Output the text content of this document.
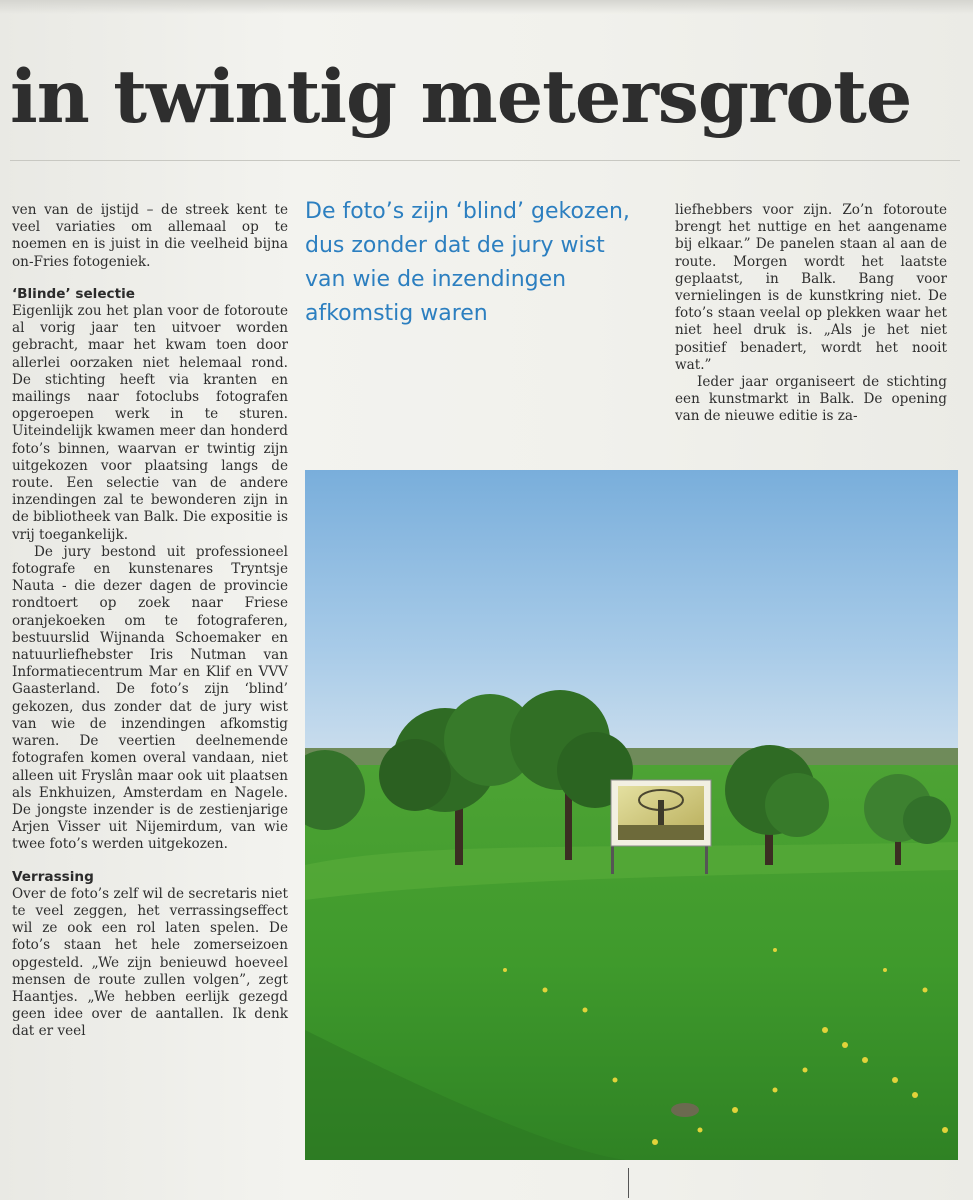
in twintig metersgrote

ven van de ijstijd – de streek kent te veel variaties om allemaal op te noemen en is juist in die veelheid bijna on-Fries fotogeniek.

‘Blinde’ selectie

Eigenlijk zou het plan voor de fotoroute al vorig jaar ten uitvoer worden gebracht, maar het kwam toen door allerlei oorzaken niet helemaal rond. De stichting heeft via kranten en mailings naar fotoclubs fotografen opgeroepen werk in te sturen. Uiteindelijk kwamen meer dan honderd foto’s binnen, waarvan er twintig zijn uitgekozen voor plaatsing langs de route. Een selectie van de andere inzendingen zal te bewonderen zijn in de bibliotheek van Balk. Die expositie is vrij toegankelijk.

De jury bestond uit professioneel fotografe en kunstenares Tryntsje Nauta - die dezer dagen de provincie rondtoert op zoek naar Friese oranjekoeken om te fotograferen, bestuurslid Wijnanda Schoemaker en natuurliefhebster Iris Nutman van Informatiecentrum Mar en Klif en VVV Gaasterland. De foto’s zijn ‘blind’ gekozen, dus zonder dat de jury wist van wie de inzendingen afkomstig waren. De veertien deelnemende fotografen komen overal vandaan, niet alleen uit Fryslân maar ook uit plaatsen als Enkhuizen, Amsterdam en Nagele. De jongste inzender is de zestienjarige Arjen Visser uit Nijemirdum, van wie twee foto’s werden uitgekozen.

Verrassing

Over de foto’s zelf wil de secretaris niet te veel zeggen, het verrassingseffect wil ze ook een rol laten spelen. De foto’s staan het hele zomerseizoen opgesteld. „We zijn benieuwd hoeveel mensen de route zullen volgen”, zegt Haantjes. „We hebben eerlijk gezegd geen idee over de aantallen. Ik denk dat er veel

De foto’s zijn ‘blind’ gekozen, dus zonder dat de jury wist van wie de inzendingen afkomstig waren

liefhebbers voor zijn. Zo’n fotoroute brengt het nuttige en het aangename bij elkaar.” De panelen staan al aan de route. Morgen wordt het laatste geplaatst, in Balk. Bang voor vernielingen is de kunstkring niet. De foto’s staan veelal op plekken waar het niet heel druk is. „Als je het niet positief benadert, wordt het nooit wat.”

Ieder jaar organiseert de stichting een kunstmarkt in Balk. De opening van de nieuwe editie is za-
